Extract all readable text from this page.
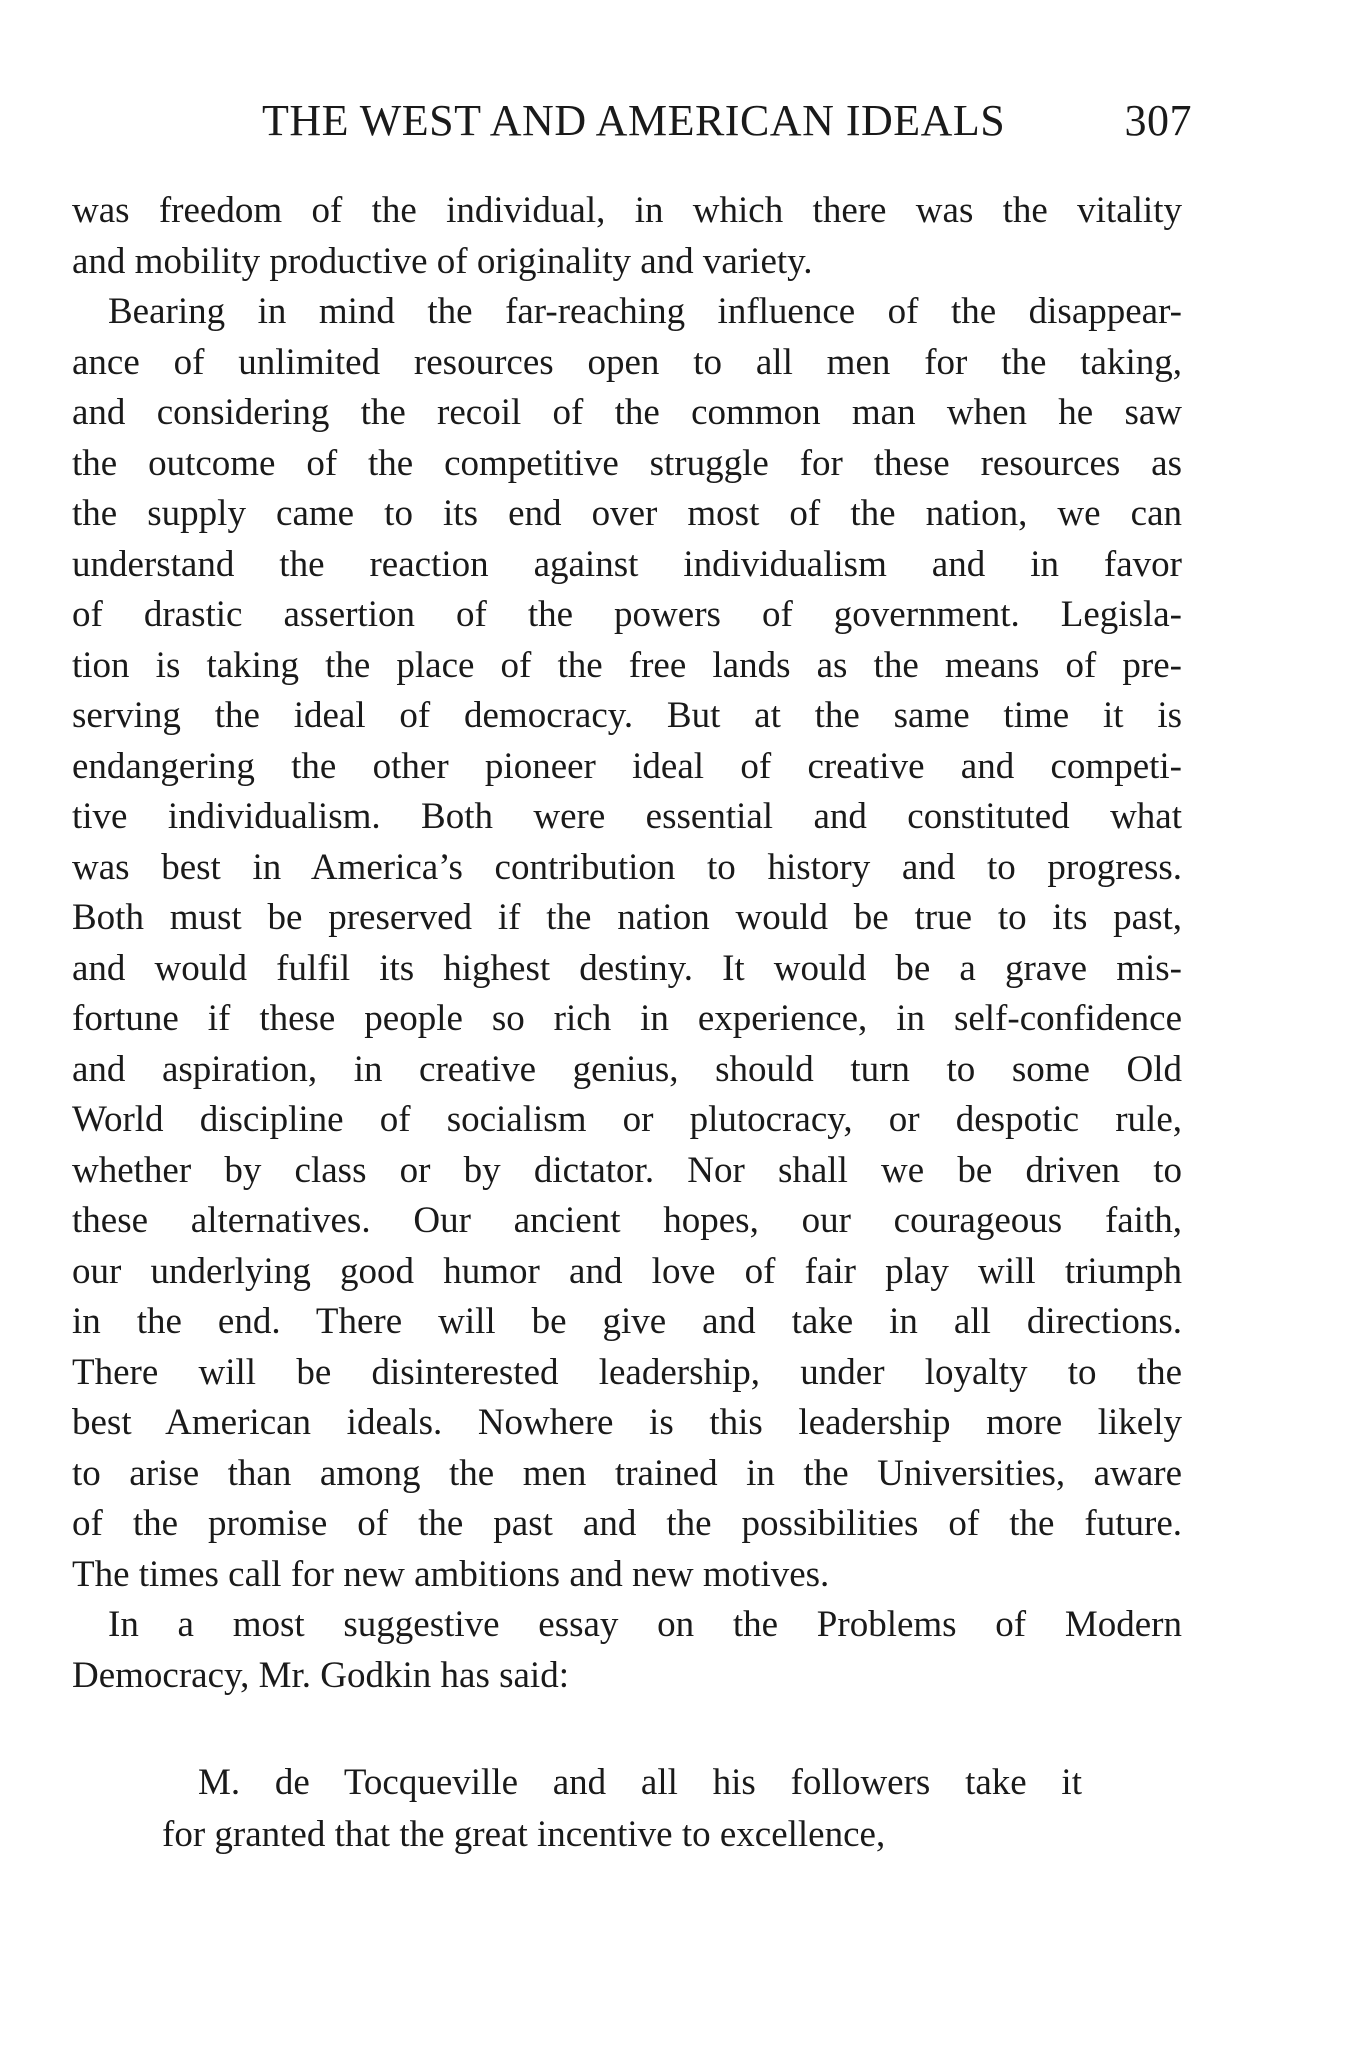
THE WEST AND AMERICAN IDEALS	307
was freedom of the individual, in which there was the vitality
and mobility productive of originality and variety.
Bearing in mind the far-reaching influence of the disappear-
ance of unlimited resources open to all men for the taking,
and considering the recoil of the common man when he saw
the outcome of the competitive struggle for these resources as
the supply came to its end over most of the nation, we can
understand the reaction against individualism and in favor
of drastic assertion of the powers of government. Legisla-
tion is taking the place of the free lands as the means of pre-
serving the ideal of democracy. But at the same time it is
endangering the other pioneer ideal of creative and competi-
tive individualism. Both were essential and constituted what
was best in America’s contribution to history and to progress.
Both must be preserved if the nation would be true to its past,
and would fulfil its highest destiny. It would be a grave mis-
fortune if these people so rich in experience, in self-confidence
and aspiration, in creative genius, should turn to some Old
World discipline of socialism or plutocracy, or despotic rule,
whether by class or by dictator. Nor shall we be driven to
these alternatives. Our ancient hopes, our courageous faith,
our underlying good humor and love of fair play will triumph
in the end. There will be give and take in all directions.
There will be disinterested leadership, under loyalty to the
best American ideals. Nowhere is this leadership more likely
to arise than among the men trained in the Universities, aware
of the promise of the past and the possibilities of the future.
The times call for new ambitions and new motives.
In a most suggestive essay on the Problems of Modern
Democracy, Mr. Godkin has said:
M. de Tocqueville and all his followers take it
for granted that the great incentive to excellence,
